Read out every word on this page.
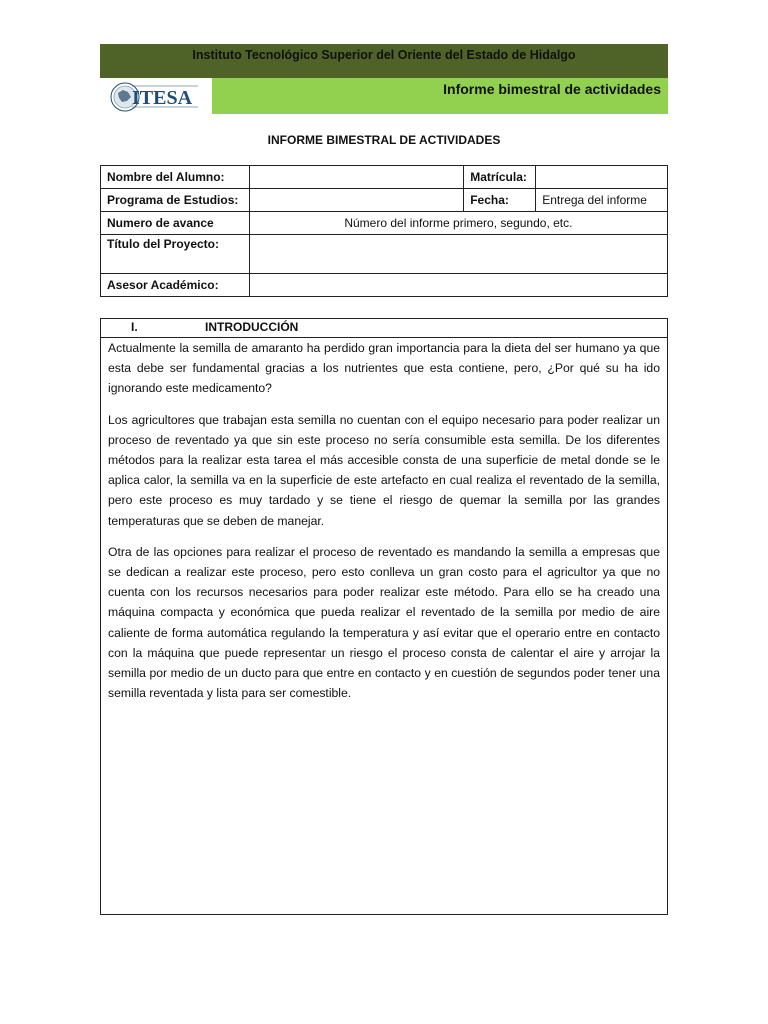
Instituto Tecnológico Superior del Oriente del Estado de Hidalgo
ITESA	Informe bimestral de actividades
INFORME BIMESTRAL DE ACTIVIDADES
Nombre del Alumno:		Matrícula:	
Programa de Estudios:		Fecha:	Entrega del informe
Numero de avance	Número del informe primero, segundo, etc.		
Título del Proyecto:			
Asesor Académico:			
I.	INTRODUCCIÓN

Actualmente la semilla de amaranto ha perdido gran importancia para la dieta del ser humano ya que esta debe ser fundamental gracias a los nutrientes que esta contiene, pero, ¿Por qué su ha ido ignorando este medicamento?

Los agricultores que trabajan esta semilla no cuentan con el equipo necesario para poder realizar un proceso de reventado ya que sin este proceso no sería consumible esta semilla. De los diferentes métodos para la realizar esta tarea el más accesible consta de una superficie de metal donde se le aplica calor, la semilla va en la superficie de este artefacto en cual realiza el reventado de la semilla, pero este proceso es muy tardado y se tiene el riesgo de quemar la semilla por las grandes temperaturas que se deben de manejar.

Otra de las opciones para realizar el proceso de reventado es mandando la semilla a empresas que se dedican a realizar este proceso, pero esto conlleva un gran costo para el agricultor ya que no cuenta con los recursos necesarios para poder realizar este método. Para ello se ha creado una máquina compacta y económica que pueda realizar el reventado de la semilla por medio de aire caliente de forma automática regulando la temperatura y así evitar que el operario entre en contacto con la máquina que puede representar un riesgo el proceso consta de calentar el aire y arrojar la semilla por medio de un ducto para que entre en contacto y en cuestión de segundos poder tener una semilla reventada y lista para ser comestible.
